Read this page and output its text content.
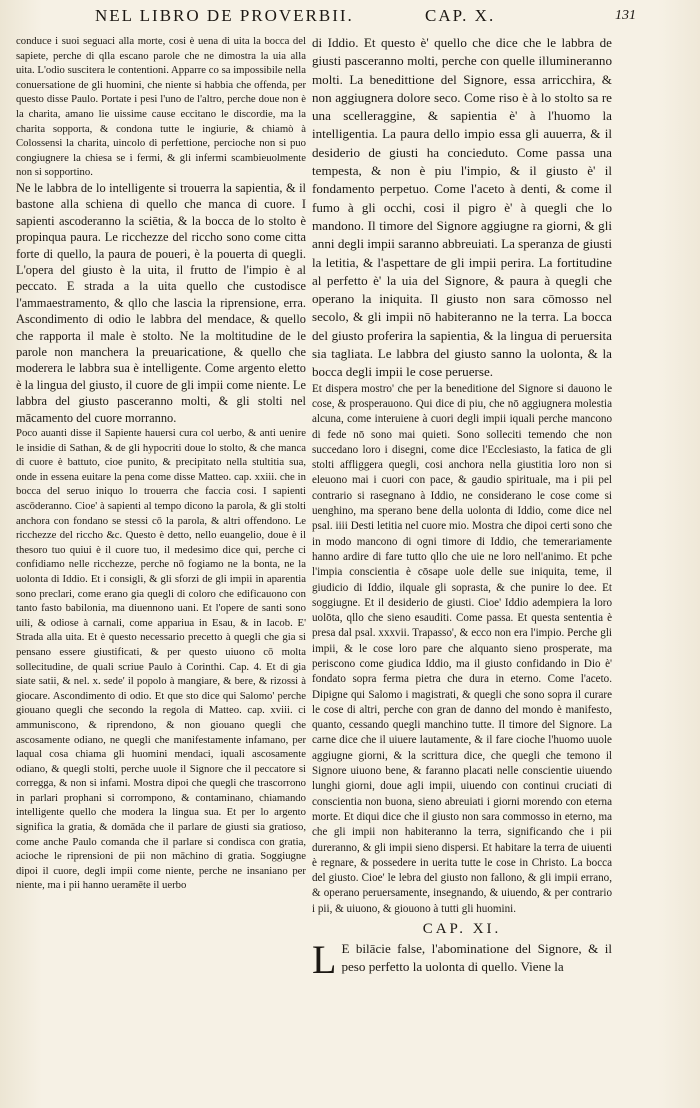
NEL LIBRO DE PROVERBII.	CAP. X.	131

conduce i suoi seguaci alla morte, cosi è uena di uita la bocca del sapiete, perche di qlla escano parole che ne dimostra la uia alla uita. L'odio suscitera le contentioni. Apparre co sa impossibile nella conuersatione de gli huomini, che niente si habbia che offenda, per questo disse Paulo. Portate i pesi l'uno de l'altro, perche doue non è la charita, amano lie uissime cause eccitano le discordie, ma la charita sopporta, & condona tutte le ingiurie, & chiamò à Colossensi la charita, uincolo di perfettione, percioche non si puo congiugnere la chiesa se i fermi, & gli infermi scambieuolmente non si sopportino.

Ne le labbra de lo intelligente si trouerra la sapientia, & il bastone alla schiena di quello che manca di cuore. I sapienti ascoderanno la sciētia, & la bocca de lo stolto è propinqua paura. Le ricchezze del riccho sono come citta forte di quello, la paura de poueri, è la pouerta di quegli. L'opera del giusto è la uita, il frutto de l'impio è al peccato. E strada a la uita quello che custodisce l'ammaestramento, & qllo che lascia la riprensione, erra. Ascondimento di odio le labbra del mendace, & quello che rapporta il male è stolto. Ne la moltitudine de le parole non manchera la preuaricatione, & quello che moderera le labbra sua è intelligente. Come argento eletto è la lingua del giusto, il cuore de gli impii come niente. Le labbra del giusto pasceranno molti, & gli stolti nel mācamento del cuore morranno.

Poco auanti disse il Sapiente hauersi cura col uerbo, & anti uenire le insidie di Sathan, & de gli hypocriti doue lo stolto, & che manca di cuore è battuto, cioe punito, & precipitato nella stultitia sua, onde in essena euitare la pena come disse Matteo. cap. xxiii. che in bocca del seruo iniquo lo trouerra che faccia cosi. I sapienti ascōderanno. Cioe' à sapienti al tempo dicono la parola, & gli stolti anchora con fondano se stessi cō la parola, & altri offendono. Le ricchezze del riccho &c. Questo è detto, nello euangelio, doue è il thesoro tuo quiui è il cuore tuo, il medesimo dice qui, perche ci confidiamo nelle ricchezze, perche nō fogiamo ne la bonta, ne la uolonta di Iddio. Et i consigli, & gli sforzi de gli impii in aparentia sono preclari, come erano gia quegli di coloro che edificauono con tanto fasto babilonia, ma diuennono uani. Et l'opere de santi sono uili, & odiose à carnali, come appariua in Esau, & in Iacob. E' Strada alla uita. Et è questo necessario precetto à quegli che gia si pensano essere giustificati, & per questo uiuono cō molta sollecitudine, de quali scriue Paulo à Corinthi. Cap. 4. Et di gia siate satii, & nel. x. sede' il popolo à mangiare, & bere, & rizossi à giocare. Ascondimento di odio. Et que sto dice qui Salomo' perche giouano quegli che secondo la regola di Matteo. cap. xviii. ci ammuniscono, & riprendono, & non giouano quegli che ascosamente odiano, ne quegli che manifestamente infamano, per laqual cosa chiama gli huomini mendaci, iquali ascosamente odiano, & quegli stolti, perche uuole il Signore che il peccatore si corregga, & non si infami. Mostra dipoi che quegli che trascorrono in parlari prophani si corrompono, & contaminano, chiamando intelligente quello che modera la lingua sua. Et per lo argento significa la gratia, & domāda che il parlare de giusti sia gratioso, come anche Paulo comanda che il parlare si condisca con gratia, acioche le riprensioni de pii non māchino di gratia. Soggiugne dipoi il cuore, degli impii come niente, perche ne insaniano per niente, ma i pii hanno ueramēte il uerbo

di Iddio. Et questo è' quello che dice che le labbra de giusti pasceranno molti, perche con quelle illumineranno molti. La benedittione del Signore, essa arricchira, & non aggiugnera dolore seco. Come riso è à lo stolto sa re una scelleraggine, & sapientia è' à l'huomo la intelligentia. La paura dello impio essa gli auuerra, & il desiderio de giusti ha concieduto. Come passa una tempesta, & non è piu l'impio, & il giusto è' il fondamento perpetuo. Come l'aceto à denti, & come il fumo à gli occhi, cosi il pigro è' à quegli che lo mandono. Il timore del Signore aggiugne ra giorni, & gli anni degli impii saranno abbreuiati. La speranza de giusti la letitia, & l'aspettare de gli impii perira. La fortitudine al perfetto è' la uia del Signore, & paura à quegli che operano la iniquita. Il giusto non sara cōmosso nel secolo, & gli impii nō habiteranno ne la terra. La bocca del giusto proferira la sapientia, & la lingua di peruersita sia tagliata. Le labbra del giusto sanno la uolonta, & la bocca degli impii le cose peruerse.

Et dispera mostro' che per la beneditione del Signore si dauono le cose, & prosperauono. Qui dice di piu, che nō aggiugnera molestia alcuna, come interuiene à cuori degli impii iquali perche mancono di fede nō sono mai quieti. Sono solleciti temendo che non succedano loro i disegni, come dice l'Ecclesiasto, la fatica de gli stolti affliggera quegli, cosi anchora nella giustitia loro non si eleuono mai i cuori con pace, & gaudio spirituale, ma i pii pel contrario si rasegnano à Iddio, ne considerano le cose come si uenghino, ma sperano bene della uolonta di Iddio, come dice nel psal. iiii Desti letitia nel cuore mio. Mostra che dipoi certi sono che in modo mancono di ogni timore di Iddio, che temerariamente hanno ardire di fare tutto qllo che uie ne loro nell'animo. Et pche l'impia conscientia è cōsape uole delle sue iniquita, teme, il giudicio di Iddio, ilquale gli soprasta, & che punire lo dee. Et soggiugne. Et il desiderio de giusti. Cioe' Iddio adempiera la loro uolōta, qllo che sieno esauditi. Come passa. Et questa sententia è presa dal psal. xxxvii. Trapasso', & ecco non era l'impio. Perche gli impii, & le cose loro pare che alquanto sieno prosperate, ma periscono come giudica Iddio, ma il giusto confidando in Dio è' fondato sopra ferma pietra che dura in eterno. Come l'aceto. Dipigne qui Salomo i magistrati, & quegli che sono sopra il curare le cose di altri, perche con gran de danno del mondo è manifesto, quanto, cessando quegli manchino tutte. Il timore del Signore. La carne dice che il uiuere lautamente, & il fare cioche l'huomo uuole aggiugne giorni, & la scrittura dice, che quegli che temono il Signore uiuono bene, & faranno placati nelle conscientie uiuendo lunghi giorni, doue agli impii, uiuendo con continui cruciati di conscientia non buona, sieno abreuiati i giorni morendo con eterna morte. Et diqui dice che il giusto non sara commosso in eterno, ma che gli impii non habiteranno la terra, significando che i pii dureranno, & gli impii sieno dispersi. Et habitare la terra de uiuenti è regnare, & possedere in uerita tutte le cose in Christo. La bocca del giusto. Cioe' le lebra del giusto non fallono, & gli impii errano, & operano peruersamente, insegnando, & uiuendo, & per contrario i pii, & uiuono, & giouono à tutti gli huomini.

CAP. XI.

L E bilācie false, l'abominatione del Signore, & il peso perfetto la uolonta di quello. Viene la
